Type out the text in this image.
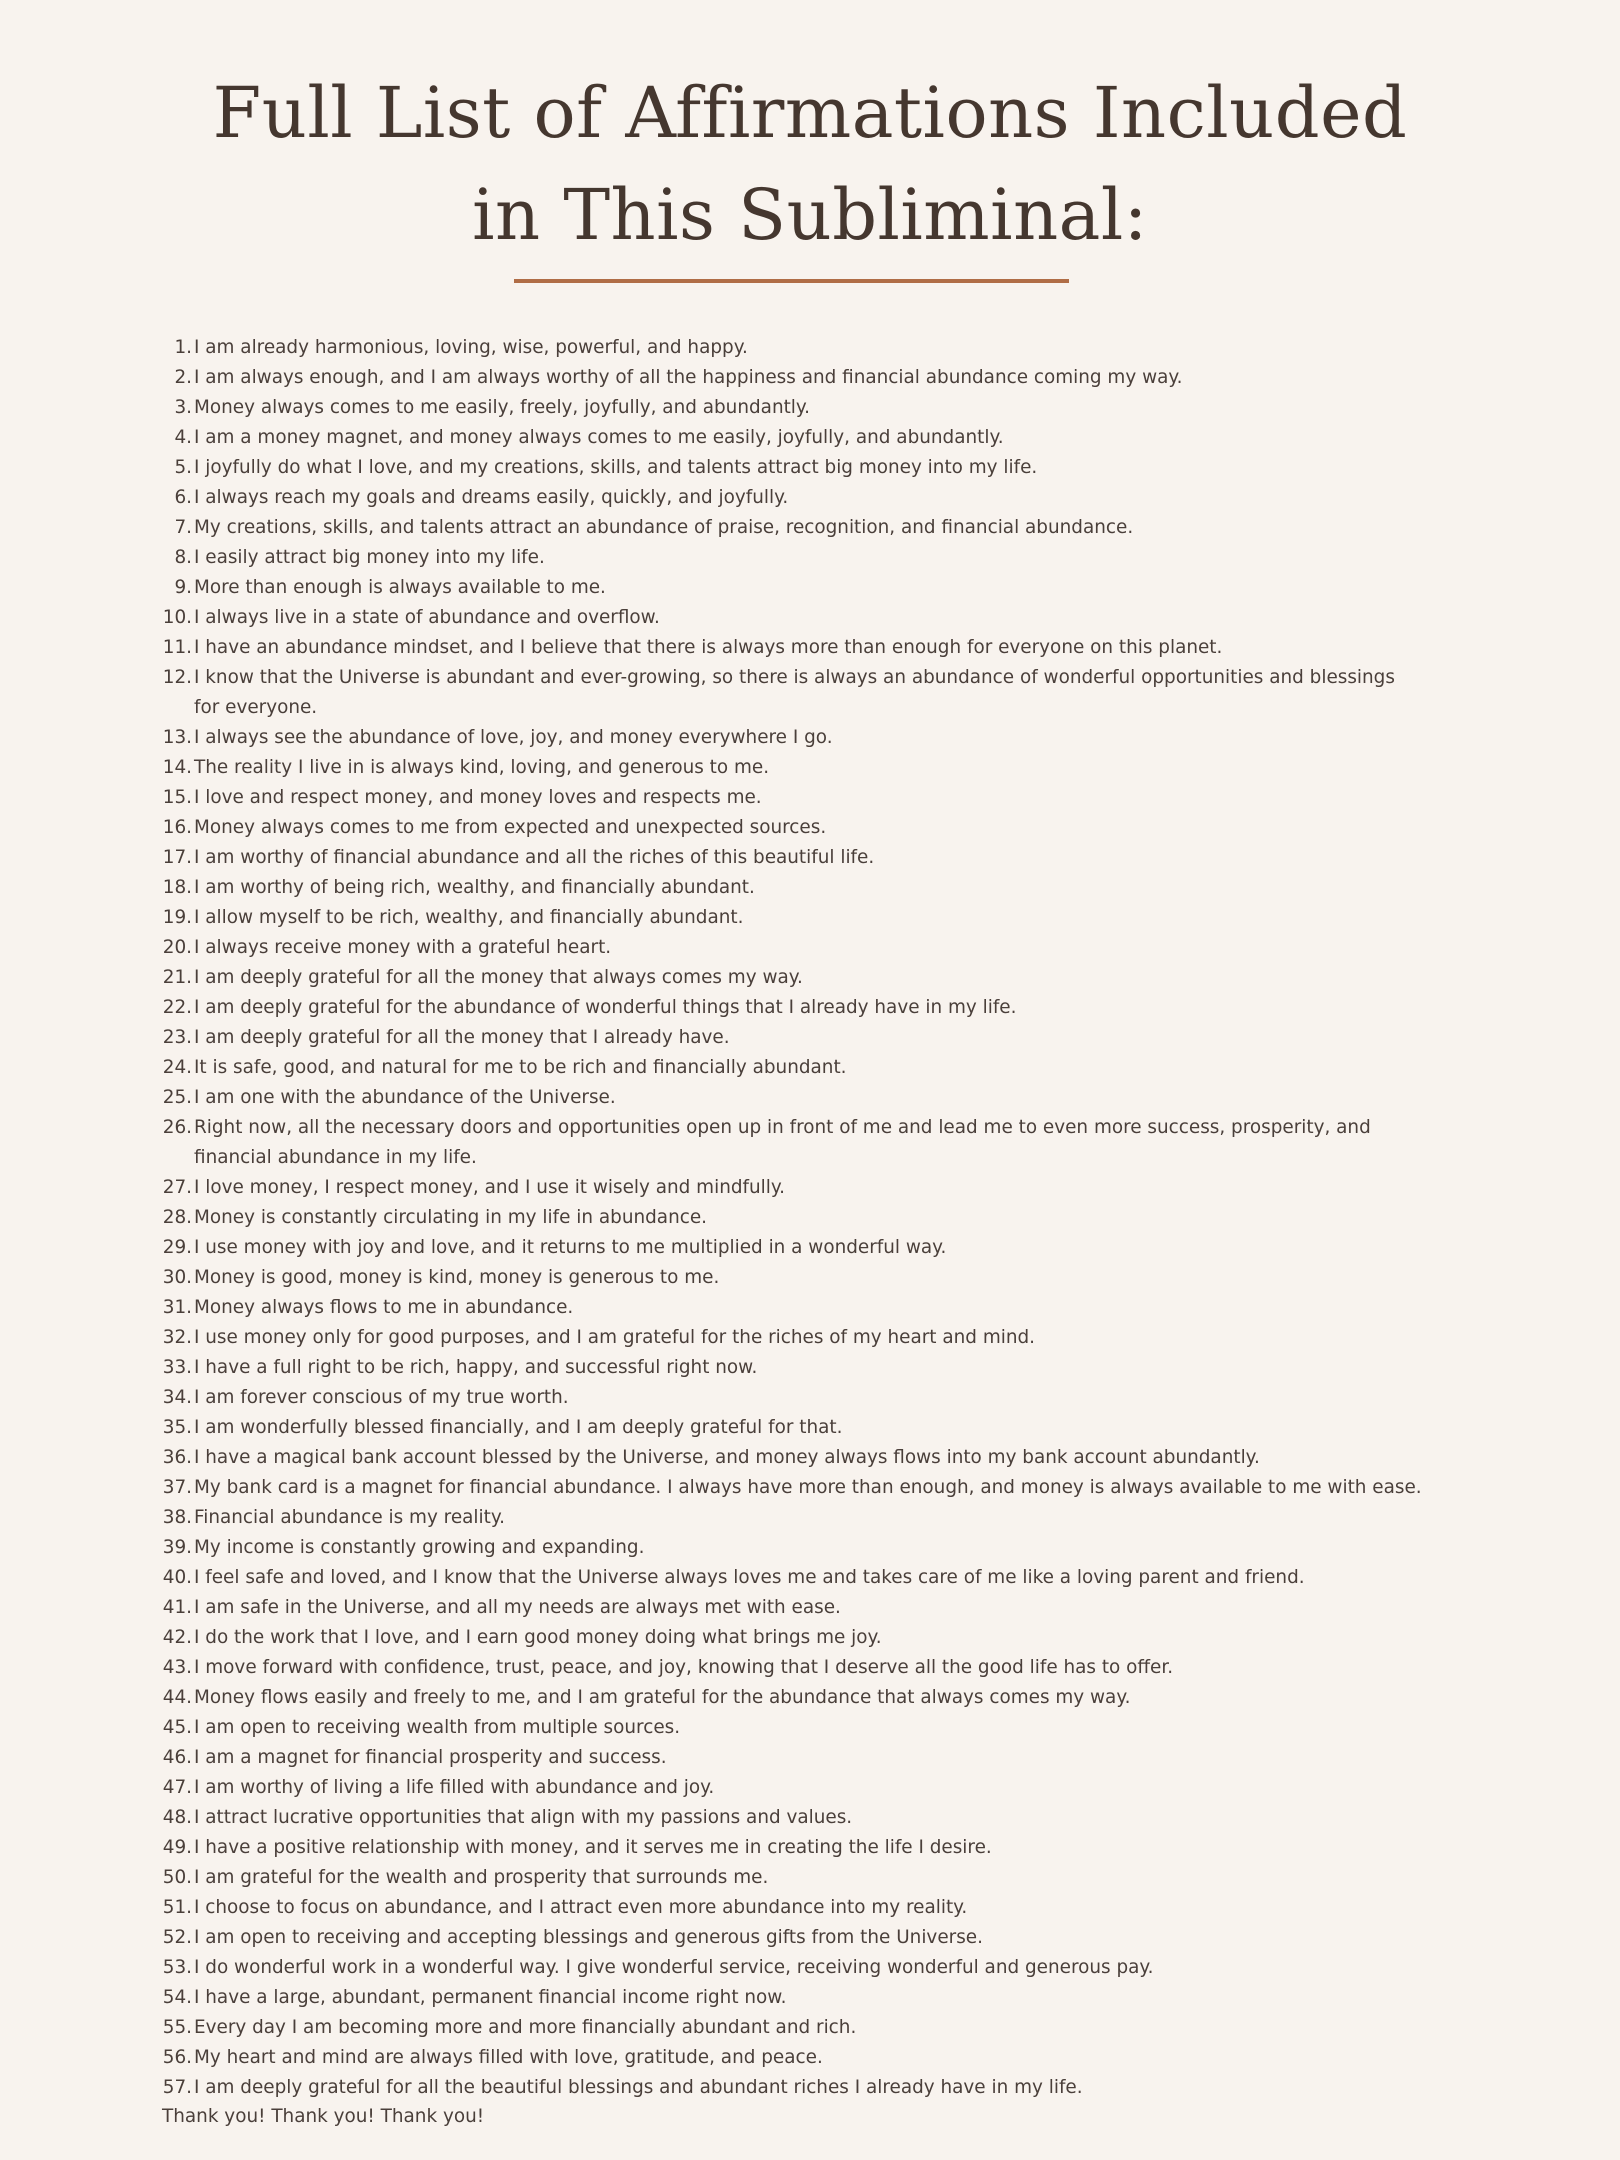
Full List of Affirmations Included
in This Subliminal:
1. I am already harmonious, loving, wise, powerful, and happy.
2. I am always enough, and I am always worthy of all the happiness and financial abundance coming my way.
3. Money always comes to me easily, freely, joyfully, and abundantly.
4. I am a money magnet, and money always comes to me easily, joyfully, and abundantly.
5. I joyfully do what I love, and my creations, skills, and talents attract big money into my life.
6. I always reach my goals and dreams easily, quickly, and joyfully.
7. My creations, skills, and talents attract an abundance of praise, recognition, and financial abundance.
8. I easily attract big money into my life.
9. More than enough is always available to me.
10. I always live in a state of abundance and overflow.
11. I have an abundance mindset, and I believe that there is always more than enough for everyone on this planet.
12. I know that the Universe is abundant and ever-growing, so there is always an abundance of wonderful opportunities and blessings for everyone.
13. I always see the abundance of love, joy, and money everywhere I go.
14. The reality I live in is always kind, loving, and generous to me.
15. I love and respect money, and money loves and respects me.
16. Money always comes to me from expected and unexpected sources.
17. I am worthy of financial abundance and all the riches of this beautiful life.
18. I am worthy of being rich, wealthy, and financially abundant.
19. I allow myself to be rich, wealthy, and financially abundant.
20. I always receive money with a grateful heart.
21. I am deeply grateful for all the money that always comes my way.
22. I am deeply grateful for the abundance of wonderful things that I already have in my life.
23. I am deeply grateful for all the money that I already have.
24. It is safe, good, and natural for me to be rich and financially abundant.
25. I am one with the abundance of the Universe.
26. Right now, all the necessary doors and opportunities open up in front of me and lead me to even more success, prosperity, and financial abundance in my life.
27. I love money, I respect money, and I use it wisely and mindfully.
28. Money is constantly circulating in my life in abundance.
29. I use money with joy and love, and it returns to me multiplied in a wonderful way.
30. Money is good, money is kind, money is generous to me.
31. Money always flows to me in abundance.
32. I use money only for good purposes, and I am grateful for the riches of my heart and mind.
33. I have a full right to be rich, happy, and successful right now.
34. I am forever conscious of my true worth.
35. I am wonderfully blessed financially, and I am deeply grateful for that.
36. I have a magical bank account blessed by the Universe, and money always flows into my bank account abundantly.
37. My bank card is a magnet for financial abundance. I always have more than enough, and money is always available to me with ease.
38. Financial abundance is my reality.
39. My income is constantly growing and expanding.
40. I feel safe and loved, and I know that the Universe always loves me and takes care of me like a loving parent and friend.
41. I am safe in the Universe, and all my needs are always met with ease.
42. I do the work that I love, and I earn good money doing what brings me joy.
43. I move forward with confidence, trust, peace, and joy, knowing that I deserve all the good life has to offer.
44. Money flows easily and freely to me, and I am grateful for the abundance that always comes my way.
45. I am open to receiving wealth from multiple sources.
46. I am a magnet for financial prosperity and success.
47. I am worthy of living a life filled with abundance and joy.
48. I attract lucrative opportunities that align with my passions and values.
49. I have a positive relationship with money, and it serves me in creating the life I desire.
50. I am grateful for the wealth and prosperity that surrounds me.
51. I choose to focus on abundance, and I attract even more abundance into my reality.
52. I am open to receiving and accepting blessings and generous gifts from the Universe.
53. I do wonderful work in a wonderful way. I give wonderful service, receiving wonderful and generous pay.
54. I have a large, abundant, permanent financial income right now.
55. Every day I am becoming more and more financially abundant and rich.
56. My heart and mind are always filled with love, gratitude, and peace.
57. I am deeply grateful for all the beautiful blessings and abundant riches I already have in my life.

Thank you! Thank you! Thank you!
